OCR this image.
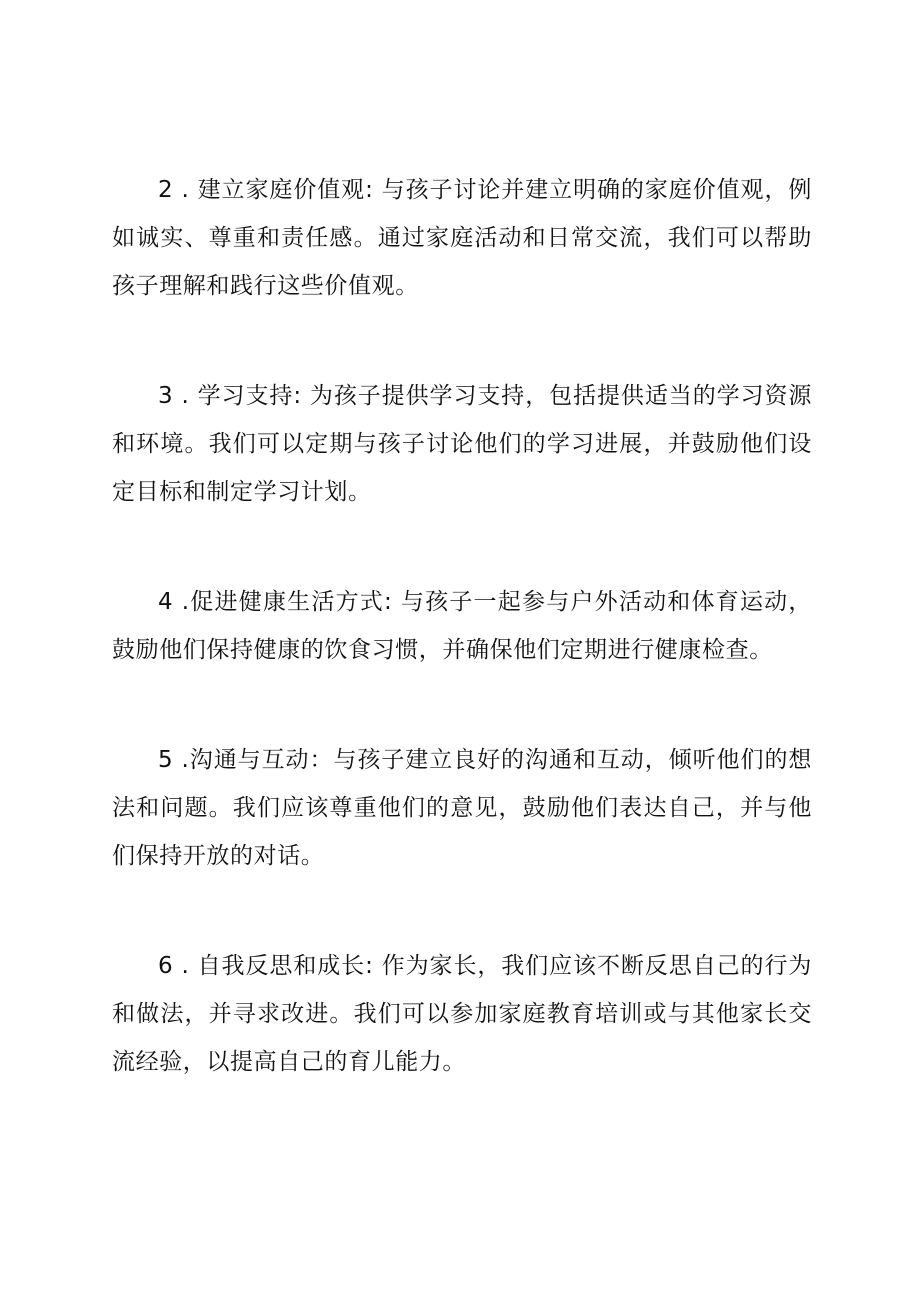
2 . 建立家庭价值观: 与孩子讨论并建立明确的家庭价值观，例如诚实、尊重和责任感。通过家庭活动和日常交流，我们可以帮助孩子理解和践行这些价值观。

3 . 学习支持: 为孩子提供学习支持，包括提供适当的学习资源和环境。我们可以定期与孩子讨论他们的学习进展，并鼓励他们设定目标和制定学习计划。

4 .促进健康生活方式: 与孩子一起参与户外活动和体育运动，鼓励他们保持健康的饮食习惯，并确保他们定期进行健康检查。

5 .沟通与互动：与孩子建立良好的沟通和互动，倾听他们的想法和问题。我们应该尊重他们的意见，鼓励他们表达自己，并与他们保持开放的对话。

6 . 自我反思和成长: 作为家长，我们应该不断反思自己的行为和做法，并寻求改进。我们可以参加家庭教育培训或与其他家长交流经验，以提高自己的育儿能力。
